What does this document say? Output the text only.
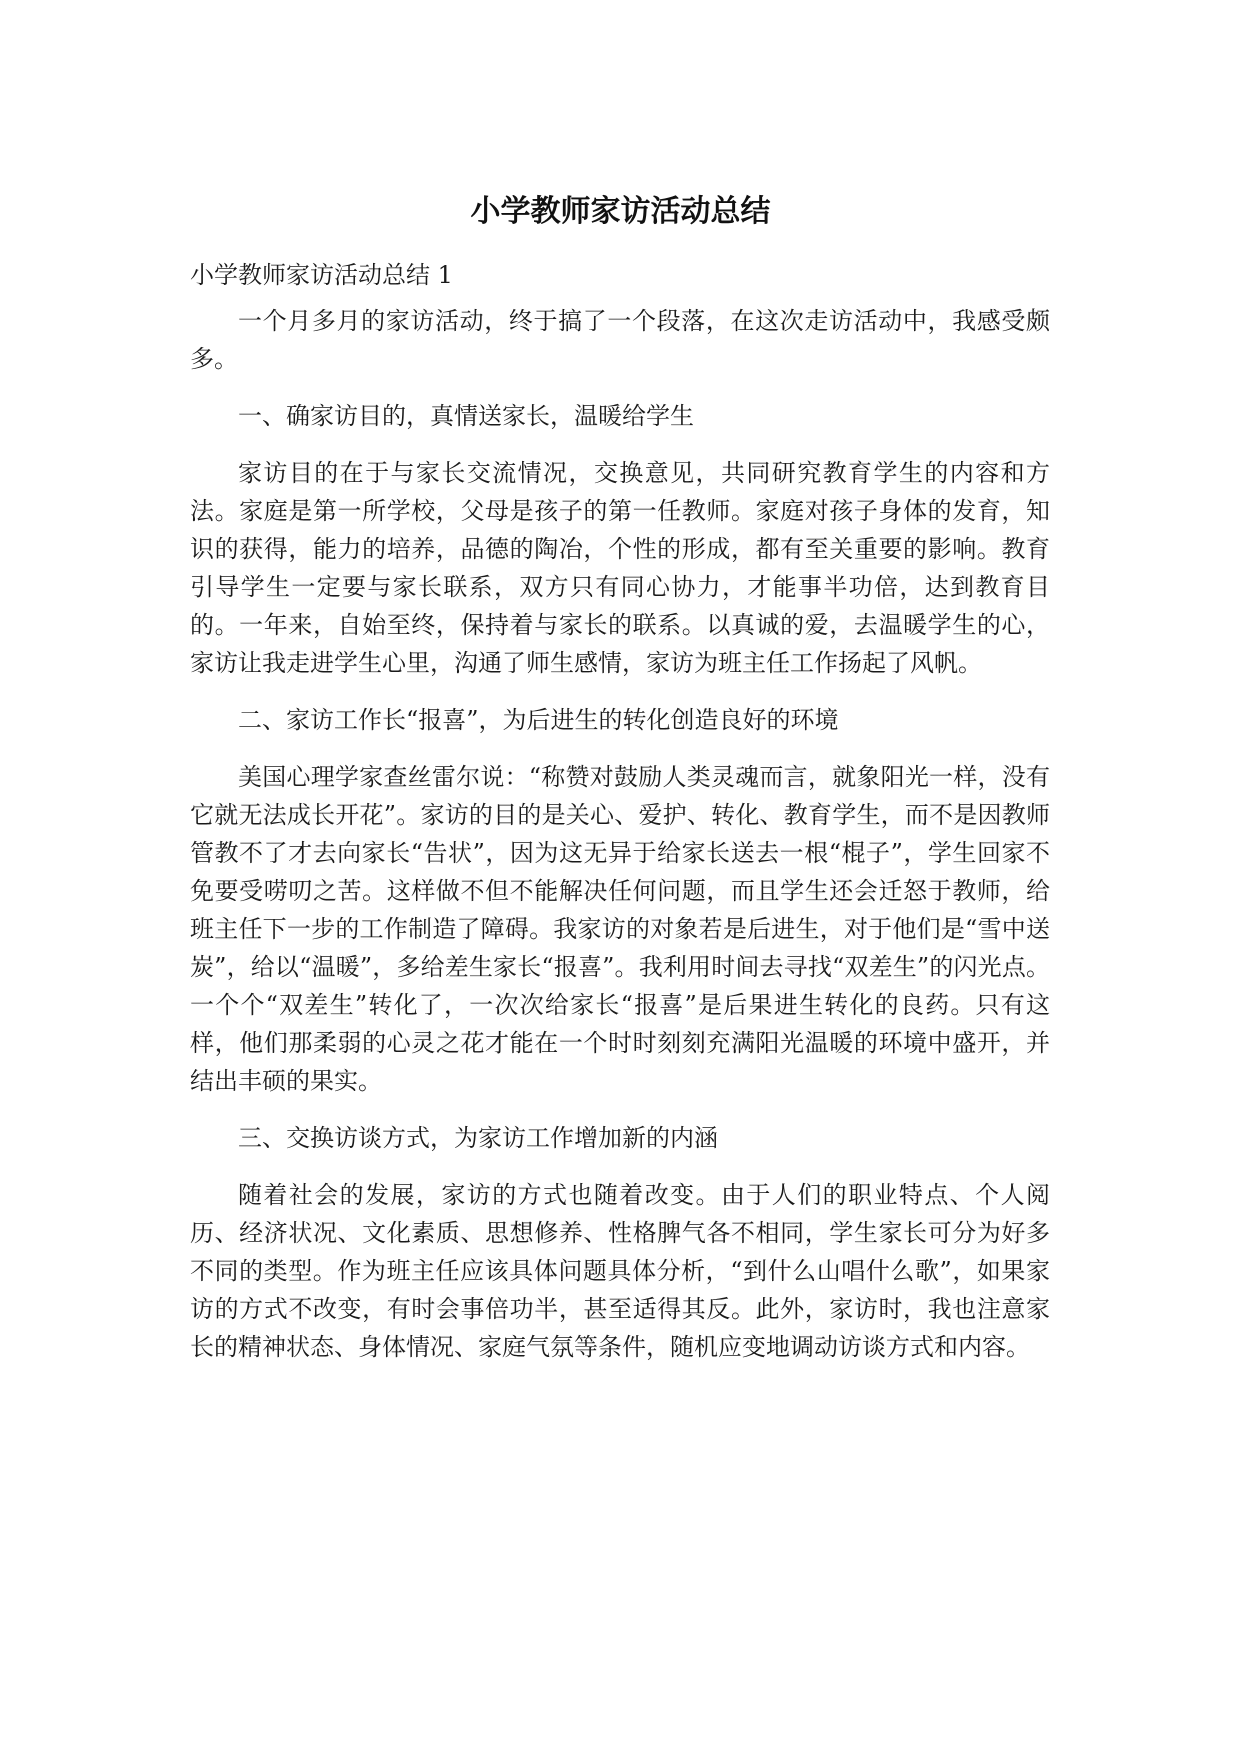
小学教师家访活动总结

小学教师家访活动总结 1

一个月多月的家访活动，终于搞了一个段落，在这次走访活动中，我感受颇多。

一、确家访目的，真情送家长，温暖给学生

家访目的在于与家长交流情况，交换意见，共同研究教育学生的内容和方法。家庭是第一所学校，父母是孩子的第一任教师。家庭对孩子身体的发育，知识的获得，能力的培养，品德的陶冶，个性的形成，都有至关重要的影响。教育引导学生一定要与家长联系，双方只有同心协力，才能事半功倍，达到教育目的。一年来，自始至终，保持着与家长的联系。以真诚的爱，去温暖学生的心，家访让我走进学生心里，沟通了师生感情，家访为班主任工作扬起了风帆。

二、家访工作长“报喜”，为后进生的转化创造良好的环境

美国心理学家查丝雷尔说：“称赞对鼓励人类灵魂而言，就象阳光一样，没有它就无法成长开花”。家访的目的是关心、爱护、转化、教育学生，而不是因教师管教不了才去向家长“告状”，因为这无异于给家长送去一根“棍子”，学生回家不免要受唠叨之苦。这样做不但不能解决任何问题，而且学生还会迁怒于教师，给班主任下一步的工作制造了障碍。我家访的对象若是后进生，对于他们是“雪中送炭”，给以“温暖”，多给差生家长“报喜”。我利用时间去寻找“双差生”的闪光点。一个个“双差生”转化了，一次次给家长“报喜”是后果进生转化的良药。只有这样，他们那柔弱的心灵之花才能在一个时时刻刻充满阳光温暖的环境中盛开，并结出丰硕的果实。

三、交换访谈方式，为家访工作增加新的内涵

随着社会的发展，家访的方式也随着改变。由于人们的职业特点、个人阅历、经济状况、文化素质、思想修养、性格脾气各不相同，学生家长可分为好多不同的类型。作为班主任应该具体问题具体分析，“到什么山唱什么歌”，如果家访的方式不改变，有时会事倍功半，甚至适得其反。此外，家访时，我也注意家长的精神状态、身体情况、家庭气氛等条件，随机应变地调动访谈方式和内容。
